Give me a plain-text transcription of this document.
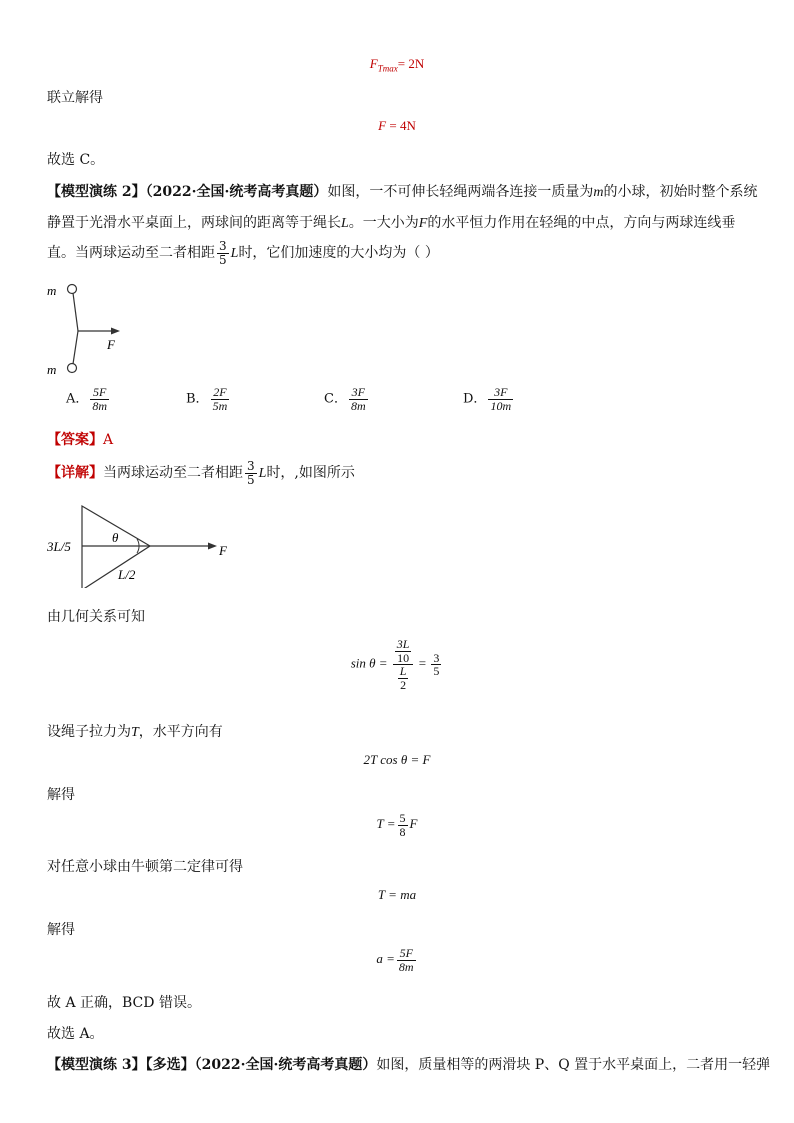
$F_{Tmax}= 2N$
联立解得
F = 4N
故选 C。
【模型演练 2】（2022·全国·统考高考真题）如图，一不可伸长轻绳两端各连接一质量为m的小球，初始时整个系统
静置于光滑水平桌面上，两球间的距离等于绳长L。一大小为F的水平恒力作用在轻绳的中点，方向与两球连线垂
直。当两球运动至二者相距 $\frac{3}{5}$ L时，它们加速度的大小均为（ ）
m
m
F
A． $\frac{5F}{8m}$	B． $\frac{2F}{5m}$	C． $\frac{3F}{8m}$	D． $\frac{3F}{10m}$
【答案】A
【详解】当两球运动至二者相距 $\frac{3}{5}$ L时，,如图所示
3L/5
θ
L/2
F
由几何关系可知
$\sin \theta = \frac{\frac{3L}{10}}{\frac{L}{2}} = \frac{3}{5}$
设绳子拉力为T，水平方向有
2T cos θ = F
解得
$T = \frac{5}{8}$ F
对任意小球由牛顿第二定律可得
T = ma
解得
$a = \frac{5F}{8m}$
故 A 正确，BCD 错误。
故选 A。
【模型演练 3】【多选】（2022·全国·统考高考真题）如图，质量相等的两滑块 P、Q 置于水平桌面上，二者用一轻弹
